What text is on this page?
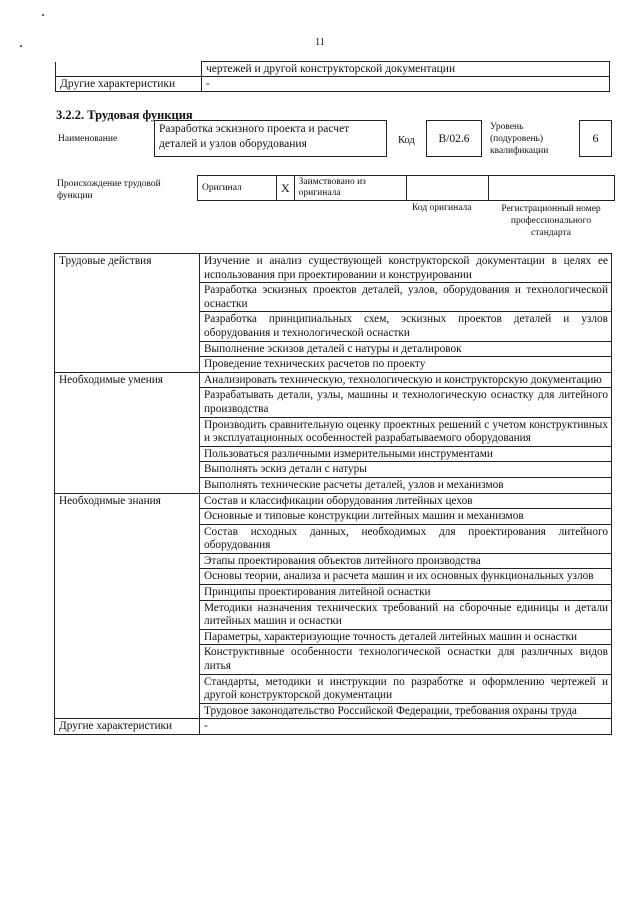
11
	чертежей и другой конструкторской документации
Другие характеристики	-
3.2.2. Трудовая функция
Наименование
Разработка эскизного проекта и расчет деталей и узлов оборудования	Код	B/02.6
Уровень
(подуровень)
квалификации
6
Происхождение трудовой
функции
Оригинал	X	Заимствовано из
оригинала

Код оригинала	Регистрационный номер
профессионального
стандарта
Трудовые действия	Изучение и анализ существующей конструкторской документации в целях ее использования при проектировании и конструировании
	Разработка эскизных проектов деталей, узлов, оборудования и технологической оснастки
	Разработка принципиальных схем, эскизных проектов деталей и узлов оборудования и технологической оснастки
	Выполнение эскизов деталей с натуры и деталировок
	Проведение технических расчетов по проекту
Необходимые умения	Анализировать техническую, технологическую и конструкторскую документацию
	Разрабатывать детали, узлы, машины и технологическую оснастку для литейного производства
	Производить сравнительную оценку проектных решений с учетом конструктивных и эксплуатационных особенностей разрабатываемого оборудования
	Пользоваться различными измерительными инструментами
	Выполнять эскиз детали с натуры
	Выполнять технические расчеты деталей, узлов и механизмов
Необходимые знания	Состав и классификации оборудования литейных цехов
	Основные и типовые конструкции литейных машин и механизмов
	Состав исходных данных, необходимых для проектирования литейного оборудования
	Этапы проектирования объектов литейного производства
	Основы теории, анализа и расчета машин и их основных функциональных узлов
	Принципы проектирования литейной оснастки
	Методики назначения технических требований на сборочные единицы и детали литейных машин и оснастки
	Параметры, характеризующие точность деталей литейных машин и оснастки
	Конструктивные особенности технологической оснастки для различных видов литья
	Стандарты, методики и инструкции по разработке и оформлению чертежей и другой конструкторской документации
	Трудовое законодательство Российской Федерации, требования охраны труда
Другие характеристики	-
